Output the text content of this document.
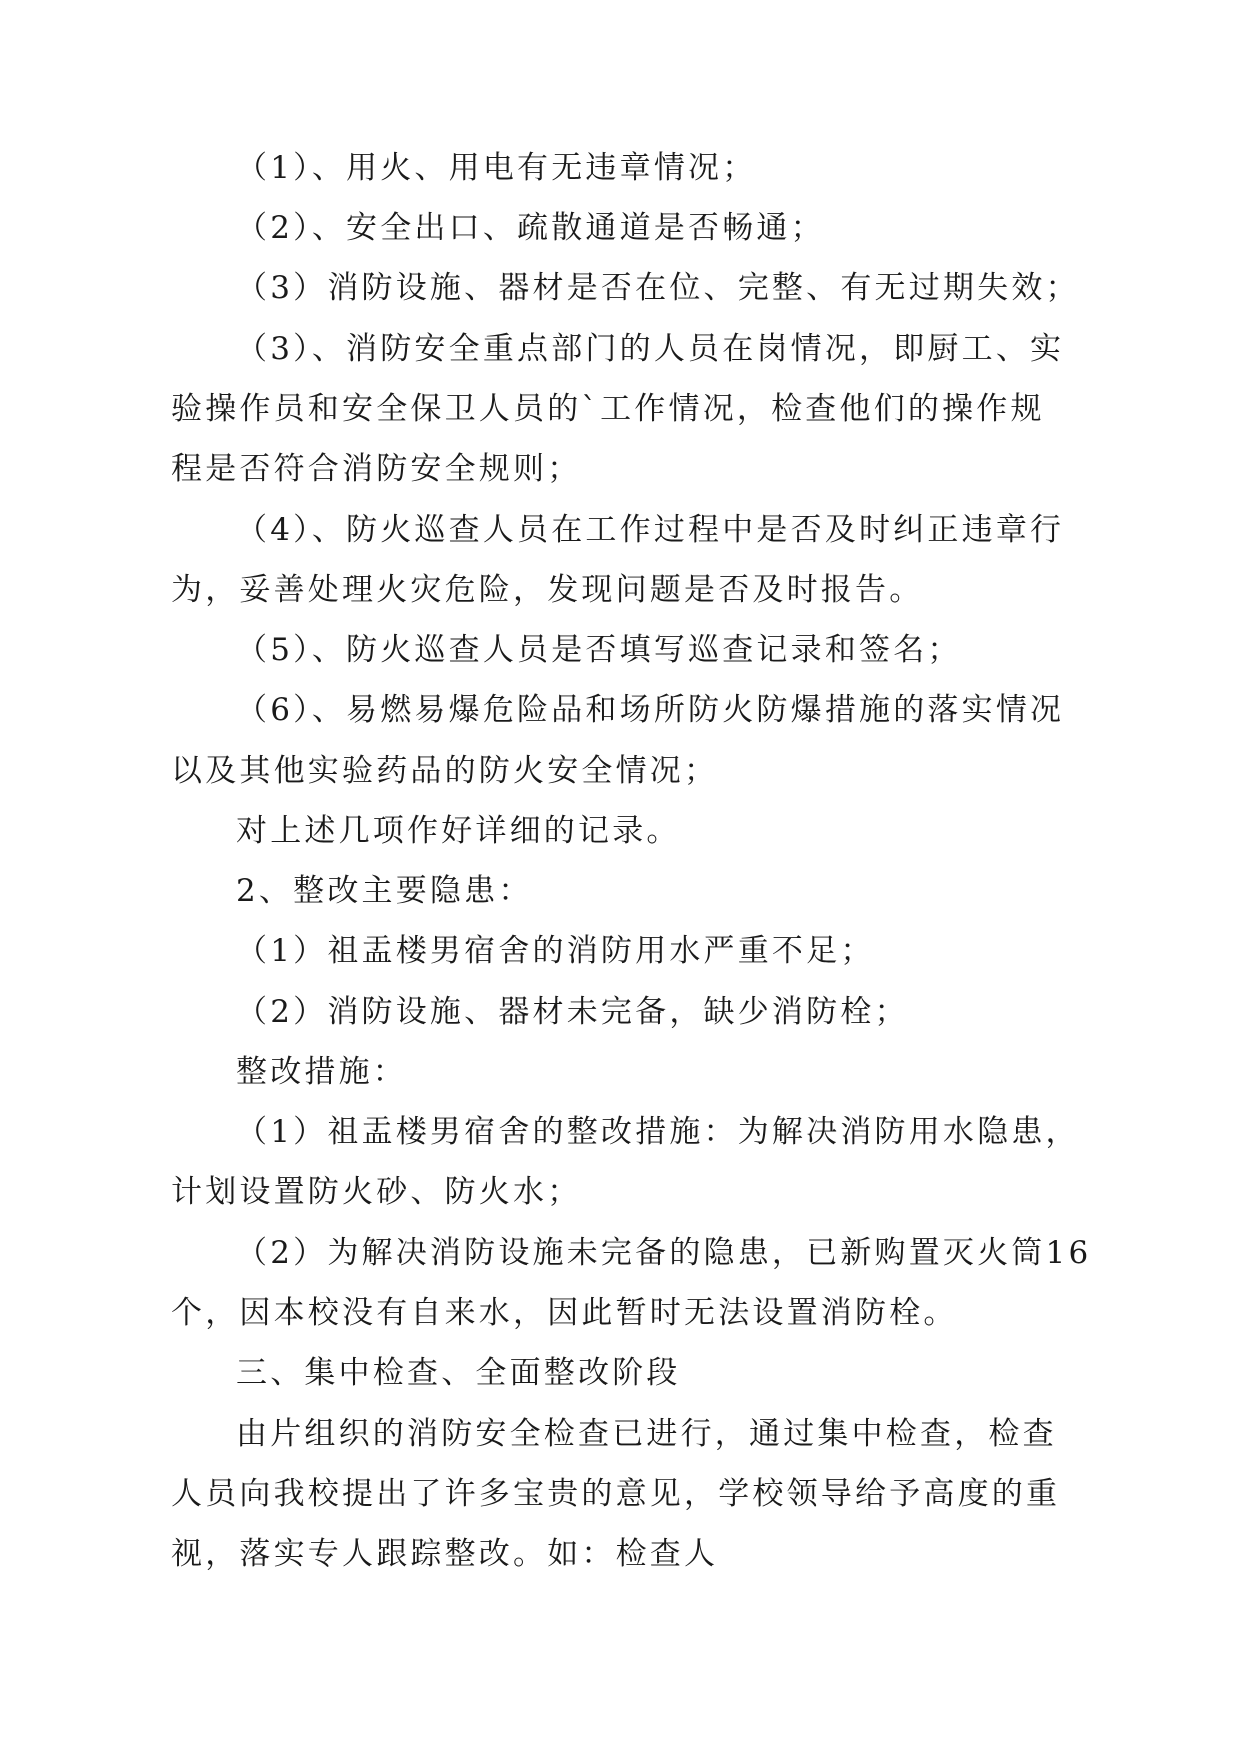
（1）、用火、用电有无违章情况；
（2）、安全出口、疏散通道是否畅通；
（3）消防设施、器材是否在位、完整、有无过期失效；
（3）、消防安全重点部门的人员在岗情况，即厨工、实
验操作员和安全保卫人员的`工作情况，检查他们的操作规
程是否符合消防安全规则；
（4）、防火巡查人员在工作过程中是否及时纠正违章行
为，妥善处理火灾危险，发现问题是否及时报告。
（5）、防火巡查人员是否填写巡查记录和签名；
（6）、易燃易爆危险品和场所防火防爆措施的落实情况
以及其他实验药品的防火安全情况；
对上述几项作好详细的记录。
2、整改主要隐患：
（1）祖盂楼男宿舍的消防用水严重不足；
（2）消防设施、器材未完备，缺少消防栓；
整改措施：
（1）祖盂楼男宿舍的整改措施：为解决消防用水隐患，
计划设置防火砂、防火水；
（2）为解决消防设施未完备的隐患，已新购置灭火筒16
个，因本校没有自来水，因此暂时无法设置消防栓。
三、集中检查、全面整改阶段
由片组织的消防安全检查已进行，通过集中检查，检查
人员向我校提出了许多宝贵的意见，学校领导给予高度的重
视，落实专人跟踪整改。如：检查人
